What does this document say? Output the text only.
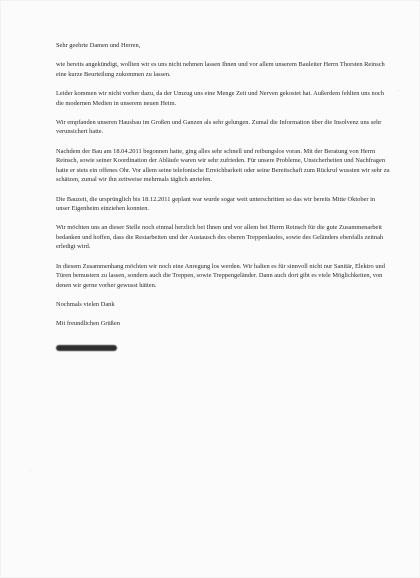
Sehr geehrte Damen und Herren,

wie bereits angekündigt, wollten wir es uns nicht nehmen lassen Ihnen und vor allem unserem Bauleiter Herrn Thorsten Reinsch eine kurze Beurteilung zukommen zu lassen.

Leider kommen wir nicht vorher dazu, da der Umzug uns eine Menge Zeit und Nerven gekostet hat. Außerdem fehlten uns noch die modernen Medien in unserem neuen Heim.

Wir empfanden unseren Hausbau im Großen und Ganzen als sehr gelungen. Zumal die Information über die Insolvenz uns sehr verunsichert hatte.

Nachdem der Bau am 18.04.2011 begonnen hatte, ging alles sehr schnell und reibungslos voran. Mit der Beratung von Herrn Reinsch, sowie seiner Koordination der Abläufe waren wir sehr zufrieden. Für unsere Probleme, Unsicherheiten und Nachfragen hatte er stets ein offenes Ohr. Vor allem seine telefonische Erreichbarkeit oder seine Bereitschaft zum Rückruf wussten wir sehr zu schätzen, zumal wir ihn zeitweise mehrmals täglich anriefen.

Die Bauzeit, die ursprünglich bis 18.12.2011 geplant war wurde sogar weit unterschritten so das wir bereits Mitte Oktober in unser Eigenheim einziehen konnten.

Wir möchten uns an dieser Stelle noch einmal herzlich bei Ihnen und vor allem bei Herrn Reinsch für die gute Zusammenarbeit bedanken und hoffen, dass die Restarbeiten und der Austausch des oberen Treppenlaufes, sowie des Geländers ebenfalls zeitnah erledigt wird.

In diesem Zusammenhang möchten wir noch eine Anregung los werden. Wir halten es für sinnvoll nicht nur Sanitär, Elektro und Türen bemustern zu lassen, sondern auch die Treppen, sowie Treppengeländer. Dann auch dort gibt es viele Möglichkeiten, von denen wir gerne vorher gewusst hätten.

Nochmals vielen Dank

Mit freundlichen Grüßen
